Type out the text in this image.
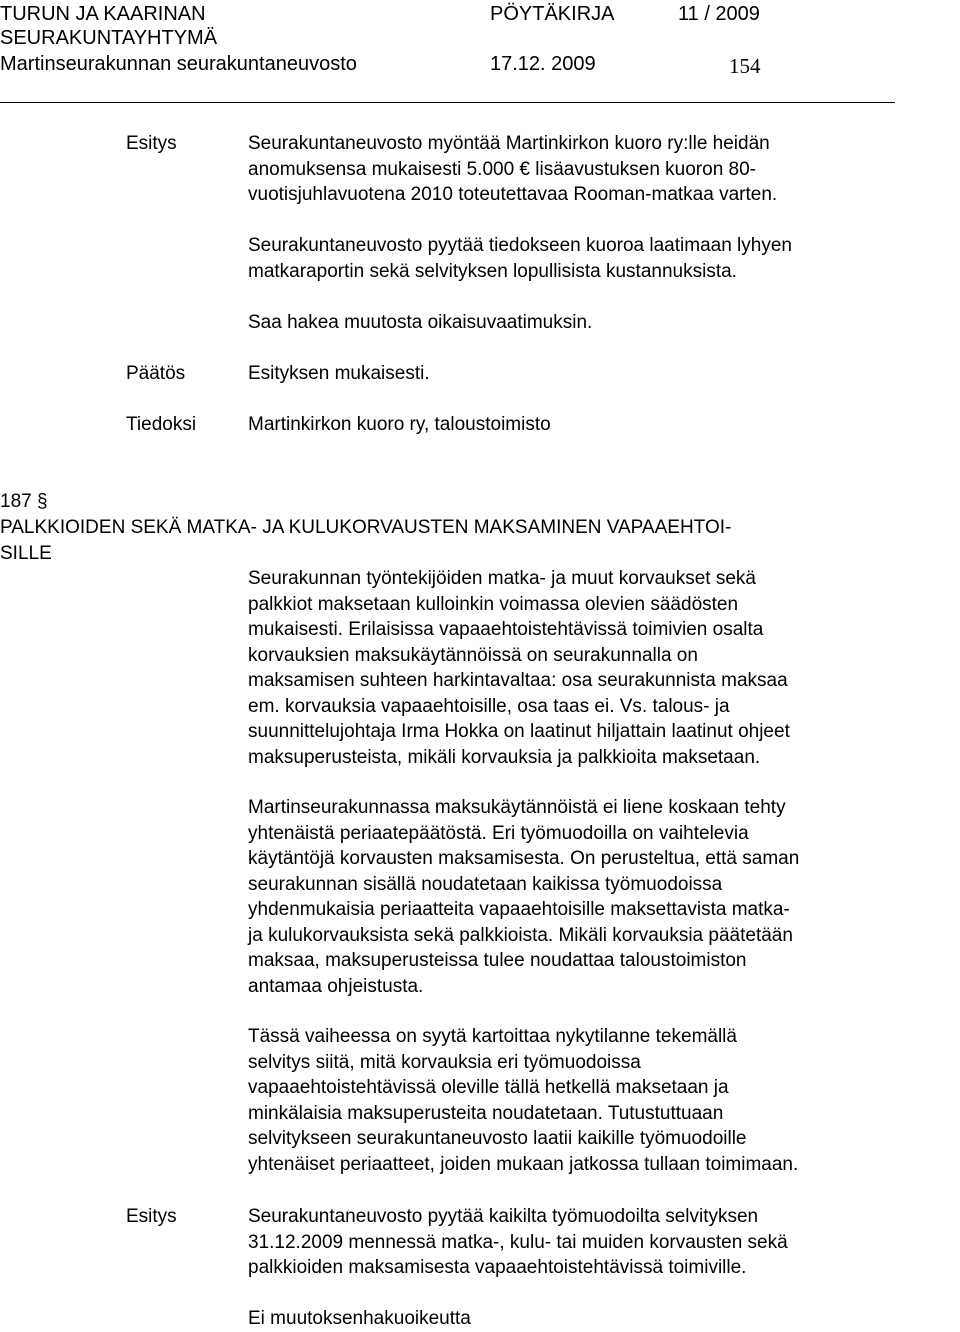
TURUN JA KAARINAN
SEURAKUNTAYHTYMÄ
Martinseurakunnan seurakuntaneuvosto
PÖYTÄKIRJA	11 / 2009
17.12. 2009	154
Esitys	Seurakuntaneuvosto myöntää Martinkirkon kuoro ry:lle heidän
anomuksensa mukaisesti 5.000 € lisäavustuksen kuoron 80-
vuotisjuhlavuotena 2010 toteutettavaa Rooman-matkaa varten.
Seurakuntaneuvosto pyytää tiedokseen kuoroa laatimaan lyhyen
matkaraportin sekä selvityksen lopullisista kustannuksista.
Saa hakea muutosta oikaisuvaatimuksin.
Päätös	Esityksen mukaisesti.
Tiedoksi	Martinkirkon kuoro ry, taloustoimisto
187 §
PALKKIOIDEN SEKÄ MATKA- JA KULUKORVAUSTEN MAKSAMINEN VAPAAEHTOI-
SILLE
Seurakunnan työntekijöiden matka- ja muut korvaukset sekä
palkkiot maksetaan kulloinkin voimassa olevien säädösten
mukaisesti. Erilaisissa vapaaehtoistehtävissä toimivien osalta
korvauksien maksukäytännöissä on seurakunnalla on
maksamisen suhteen harkintavaltaa: osa seurakunnista maksaa
em. korvauksia vapaaehtoisille, osa taas ei. Vs. talous- ja
suunnittelujohtaja Irma Hokka on laatinut hiljattain laatinut ohjeet
maksuperusteista, mikäli korvauksia ja palkkioita maksetaan.
Martinseurakunnassa maksukäytännöistä ei liene koskaan tehty
yhtenäistä periaatepäätöstä. Eri työmuodoilla on vaihtelevia
käytäntöjä korvausten maksamisesta. On perusteltua, että saman
seurakunnan sisällä noudatetaan kaikissa työmuodoissa
yhdenmukaisia periaatteita vapaaehtoisille maksettavista matka-
ja kulukorvauksista sekä palkkioista. Mikäli korvauksia päätetään
maksaa, maksuperusteissa tulee noudattaa taloustoimiston
antamaa ohjeistusta.
Tässä vaiheessa on syytä kartoittaa nykytilanne tekemällä
selvitys siitä, mitä korvauksia eri työmuodoissa
vapaaehtoistehtävissä oleville tällä hetkellä maksetaan ja
minkälaisia maksuperusteita noudatetaan. Tutustuttuaan
selvitykseen seurakuntaneuvosto laatii kaikille työmuodoille
yhtenäiset periaatteet, joiden mukaan jatkossa tullaan toimimaan.
Esitys	Seurakuntaneuvosto pyytää kaikilta työmuodoilta selvityksen
31.12.2009 mennessä matka-, kulu- tai muiden korvausten sekä
palkkioiden maksamisesta vapaaehtoistehtävissä toimiville.
Ei muutoksenhakuoikeutta
